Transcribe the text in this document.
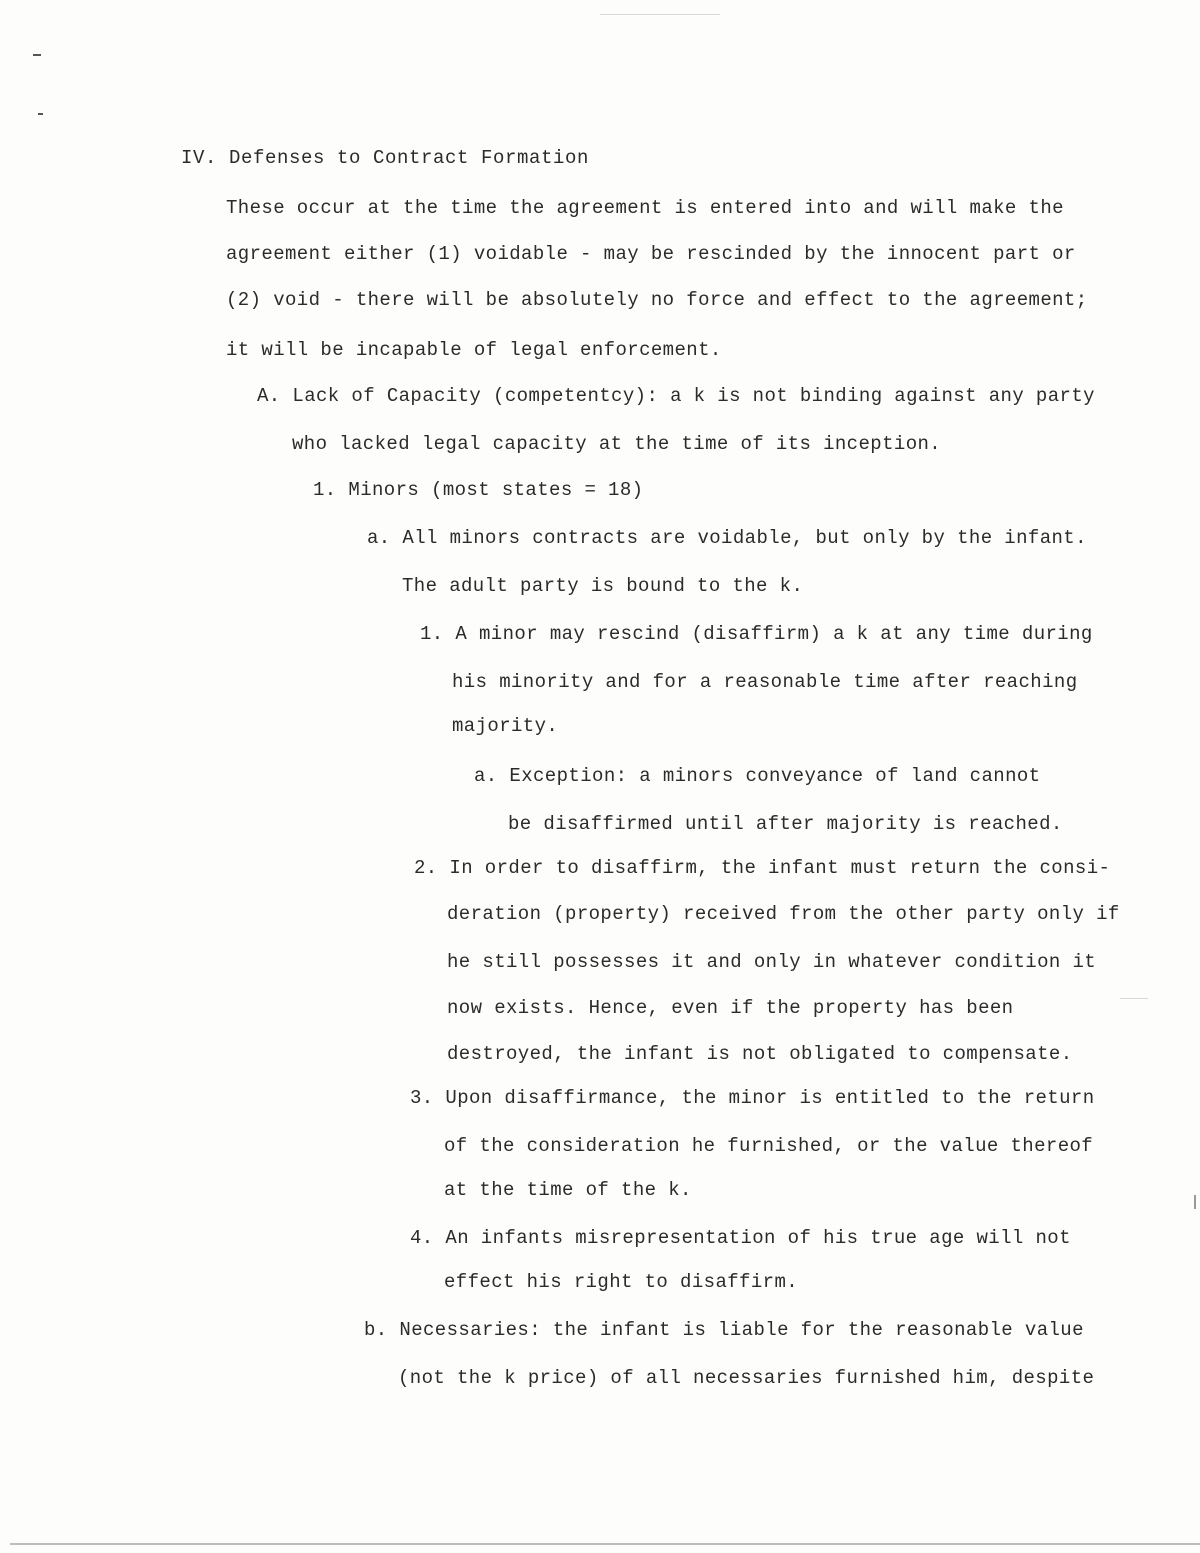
IV. Defenses to Contract Formation
These occur at the time the agreement is entered into and will make the
agreement either (1) voidable - may be rescinded by the innocent part or
(2) void - there will be absolutely no force and effect to the agreement;
it will be incapable of legal enforcement.
A. Lack of Capacity (competentcy): a k is not binding against any party
who lacked legal capacity at the time of its inception.
1. Minors (most states = 18)
a. All minors contracts are voidable, but only by the infant.
The adult party is bound to the k.
1. A minor may rescind (disaffirm) a k at any time during
his minority and for a reasonable time after reaching
majority.
a. Exception: a minors conveyance of land cannot
be disaffirmed until after majority is reached.
2. In order to disaffirm, the infant must return the consi-
deration (property) received from the other party only if
he still possesses it and only in whatever condition it
now exists. Hence, even if the property has been
destroyed, the infant is not obligated to compensate.
3. Upon disaffirmance, the minor is entitled to the return
of the consideration he furnished, or the value thereof
at the time of the k.
4. An infants misrepresentation of his true age will not
effect his right to disaffirm.
b. Necessaries: the infant is liable for the reasonable value
(not the k price) of all necessaries furnished him, despite
